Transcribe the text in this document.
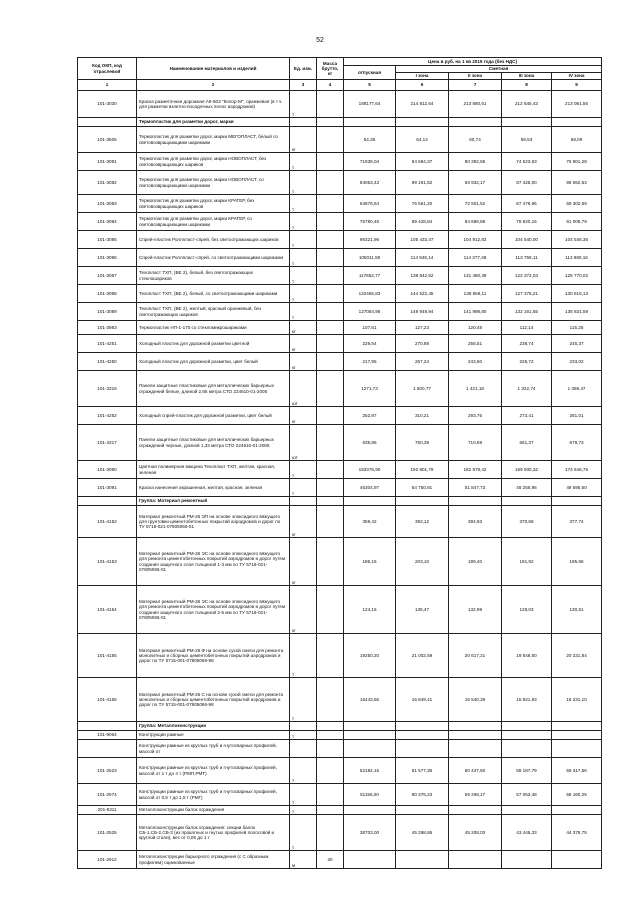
52
Код ОКП, код отраслевой	Наименование материалов и изделий	Ед. изм.	Масса брутто, кг	Цена в руб. на 1 кв 2015 года (без НДС)				
				отпускная	Сметная			
					I зона	II зона	III зона	IV зона
1	2	3	4	5	6	7	8	9
101-3030	Краска разметочная дорожная АК-503 "Колор-М", оранжевая (в т.ч. для разметки взлетно-посадочных полос аэродромов)	т		188177,64	214 812,64	213 680,61	212 645,43	213 081,56
	Термопластик для разметки дорог, марки							
101-3506	Термопластик для разметки дорог, марки МЕГОПЛАСТ, белый со световозвращающими шариками	кг		54,35	64,14	60,74	58,53	58,09
101-3081	Термопластик для разметки дорог, марки НОВОПЛАСТ, без световозвращающих шариков	т		71938,04	84 694,37	80 392,65	74 623,63	76 901,28
101-3082	Термопластик для разметки дорог, марки НОВОПЛАСТ, со световозвращающими шариками	т		84053,43	99 191,82	93 932,17	87 425,00	89 652,53
101-3083	Термопластик для разметки дорог, марки КРАТЕР, без световозвращающих шариков	т		64876,64	76 561,20	72 501,52	67 478,96	69 302,69
101-3084	Термопластик для разметки дорог, марки КРАТЕР, со световозвращающими шариками	т		75780,45	89 428,84	84 686,86	78 820,16	81 008,79
101-3085	Спрей-пластик Роллпласт-спрей, без светоотражающих шариков	т		96321,96	105 433,47	104 912,82	104 540,00	104 548,36
101-3086	Спрей-пластик Роллпласт-спрей, со светоотражающими шариками	т		105011,59	114 945,14	114 377,49	113 759,11	113 980,16
101-3087	Техопласт ТХП, (ВЕ 2), белый, без светоотражающих стеклошариков	т		117652,77	138 842,52	131 480,38	122 372,03	125 770,02
101-3088	Техопласт ТХП, (ВЕ 2), белый, со светоотражающими шариками	т		122465,83	144 522,45	136 858,11	127 378,21	130 915,13
101-3089	Техопласт ТХП, (ВЕ 2), желтый, красный оранжевый, без светоотражающих шариков	т		127084,96	149 949,94	141 998,80	132 161,55	135 831,59
101-3983	Термопластик НП-1-170 со стекломикрошариками	кг		107,61	127,23	120,48	112,14	115,25
101-4251	Холодный пластик для дорожной разметки цветной	кг		229,54	270,88	256,51	238,74	245,37
101-4250	Холодный пластик для дорожной разметки, цвет белый	кг		217,95	257,24	243,60	226,72	233,02
101-3316	Панели защитные пластиковые для металлических барьерных ограждений белые, длиной 2,66 метра СТО 224610-01-2005	шт		1271,73	1 500,77	1 421,18	1 322,74	1 359,47
101-4252	Холодный спрей-пластик для дорожной разметки, цвет белый	кг		252,87	310,21	293,76	273,41	281,01
101-3317	Панели защитные пластиковые для металлических барьерных ограждений черные, длиной 1,33 метра СТО 224610-01-2005	шт		635,86	750,38	710,59	661,37	679,73
101-3090	Цветная полимерная вакцина Техопласт ТХП, желтая, красная, зеленая	т		163376,90	192 801,79	182 578,42	169 930,32	174 646,76
101-3091	Краска нанесения окрашенная, желтая, красная, зеленая	т		46304,97	54 750,91	51 847,73	48 255,96	49 595,60
	Группа: Материал ремонтный							
101-4152	Материал ремонтный РМ-26 ЭП на основе эпоксидного вяжущего для грунтовки цементобетонных покрытий аэродромов и дорог по ТУ 5718-021-07805066-01	кг		359,42	392,12	384,93	370,68	377,74
101-4153	Материал ремонтный РМ-26 ЭС на основе эпоксидного вяжущего для ремонта цементобетонных покрытий аэродромов и дорог путем создания защитного слоя толщиной 1-3 мм по ТУ 5718-021-07805066-01	кг		186,16	203,10	199,40	191,92	195,66
101-4154	Материал ремонтный РМ-26 ЭС на основе эпоксидного вяжущего для ремонта цементобетонных покрытий аэродромов и дорог путем создания защитного слоя толщиной 2-5 мм по ТУ 5718-021-07805066-01	кг		124,16	135,47	132,99	128,03	130,51
101-4155	Материал ремонтный РМ-26 Ф на основе сухой смеси для ремонта монолитных и сборных цементобетонных покрытий аэродромов и дорог по ТУ 5715-001-07805066-98	т		19250,20	21 002,59	20 617,21	19 846,50	20 231,84
101-4156	Материал ремонтный РМ-26 С на основе сухой смеси для ремонта монолитных и сборных цементобетонных покрытий аэродромов и дорог по ТУ 5715-001-07805066-98	т		15443,56	16 849,41	16 540,28	15 921,93	16 231,10
	Группа: Металлоконструкции							
101-9064	Конструкции рамные	т						
	Конструкции рамные из круглых труб и гнутосварных профилей, массой от							
101-2523	Конструкции рамные из круглых труб и гнутосварных профилей, массой от 1 т до 4 т (РМП,РМТ)	т		52184,16	61 577,36	60 447,50	58 187,79	59 317,56
101-2574	Конструкции рамные из круглых труб и гнутосварных профилей, массой от 0,5 т до 1,5 т (РМГ)	т		51156,00	60 376,23	59 268,17	57 053,48	58 160,25
201-9311	Металлоконструкции балок ограждения	т						
101-2525	Металлоконструкции балок ограждения: секции балок СБ-1,СБ-2,СБ-3 (из прокатных и гнутых профилей полосовой и круглой стали), вес от 0,05 до 1 т	т		38703,00	45 298,86	45 208,03	43 445,33	44 378,75
101-2912	Металлоконструкции барьерного ограждения (с С образным профилем) оцинкованные	м	30					
